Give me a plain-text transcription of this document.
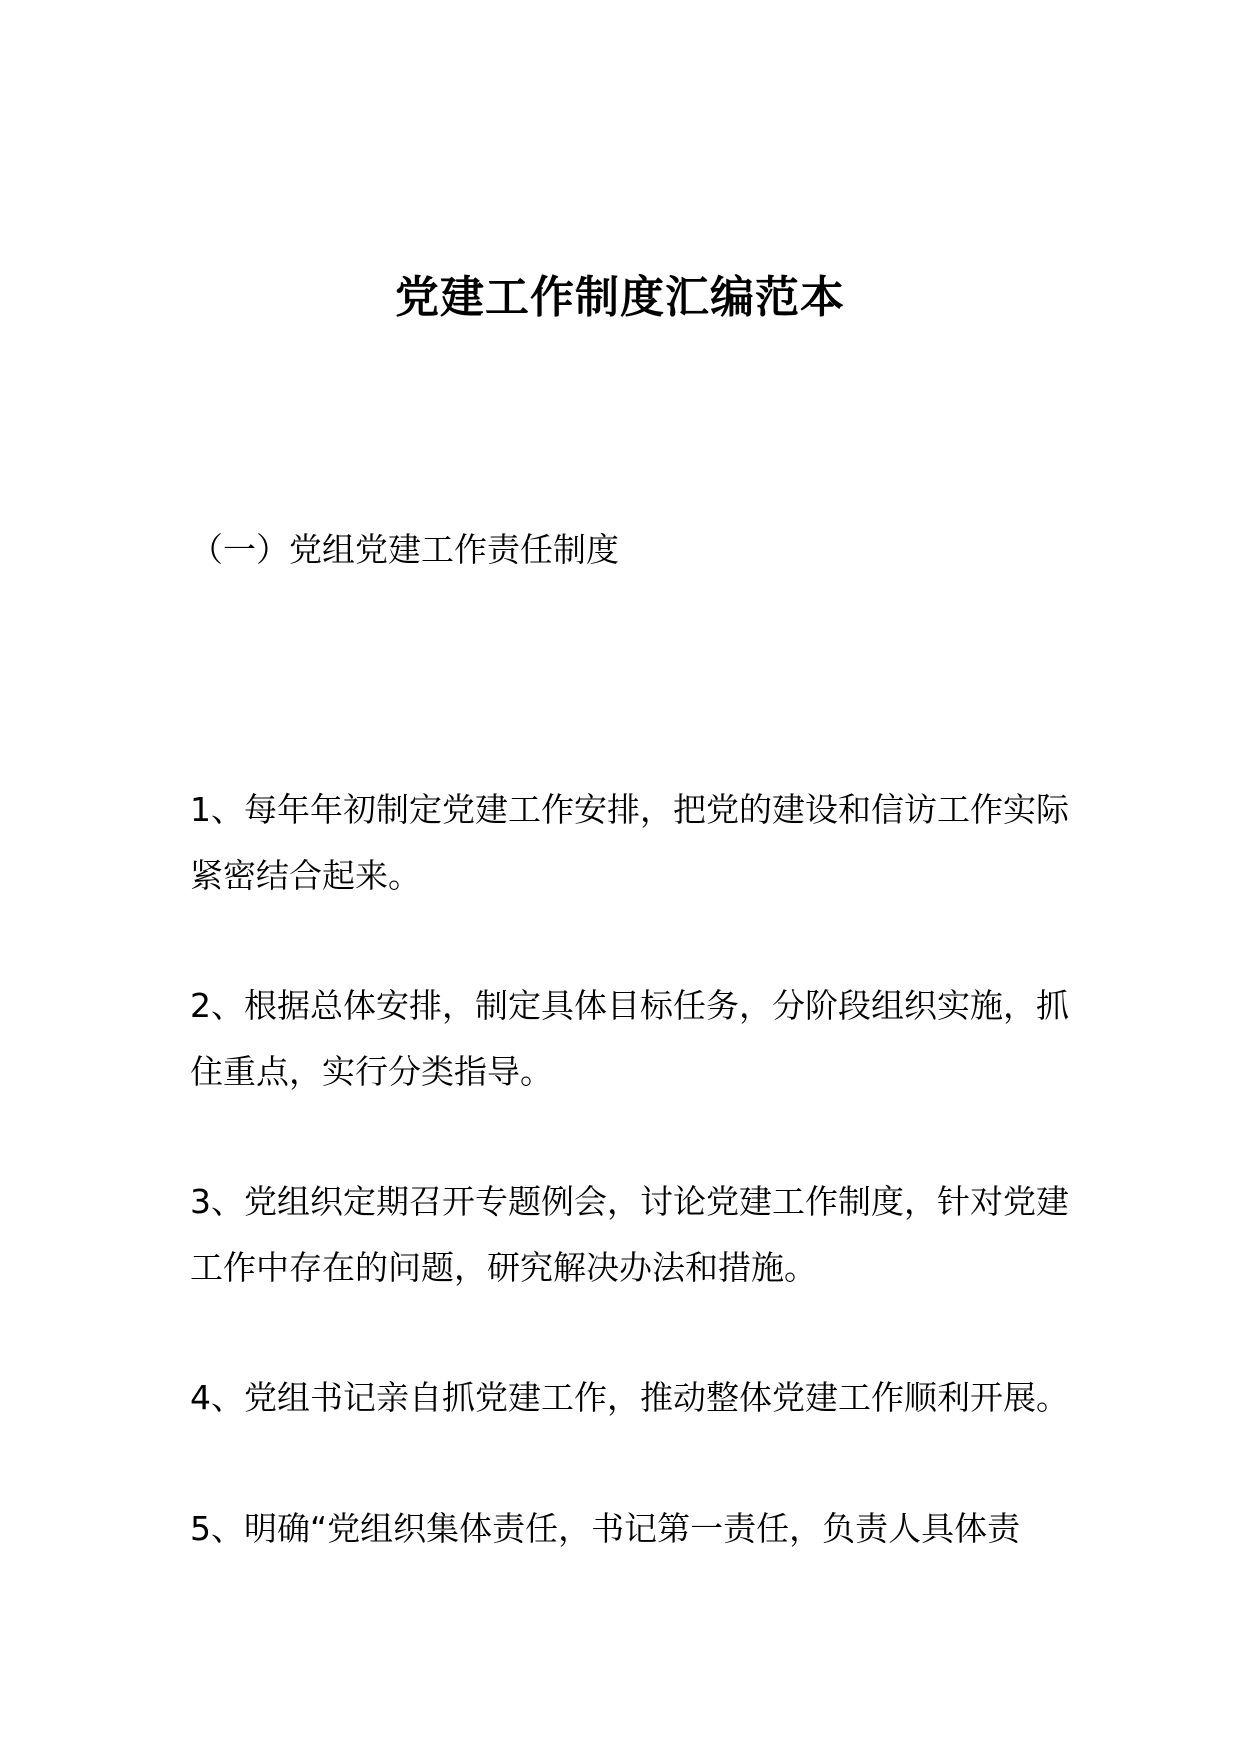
党建工作制度汇编范本
（一）党组党建工作责任制度

1、每年年初制定党建工作安排，把党的建设和信访工作实际紧密结合起来。

2、根据总体安排，制定具体目标任务，分阶段组织实施，抓住重点，实行分类指导。

3、党组织定期召开专题例会，讨论党建工作制度，针对党建工作中存在的问题，研究解决办法和措施。

4、党组书记亲自抓党建工作，推动整体党建工作顺利开展。

5、明确“党组织集体责任，书记第一责任，负责人具体责
